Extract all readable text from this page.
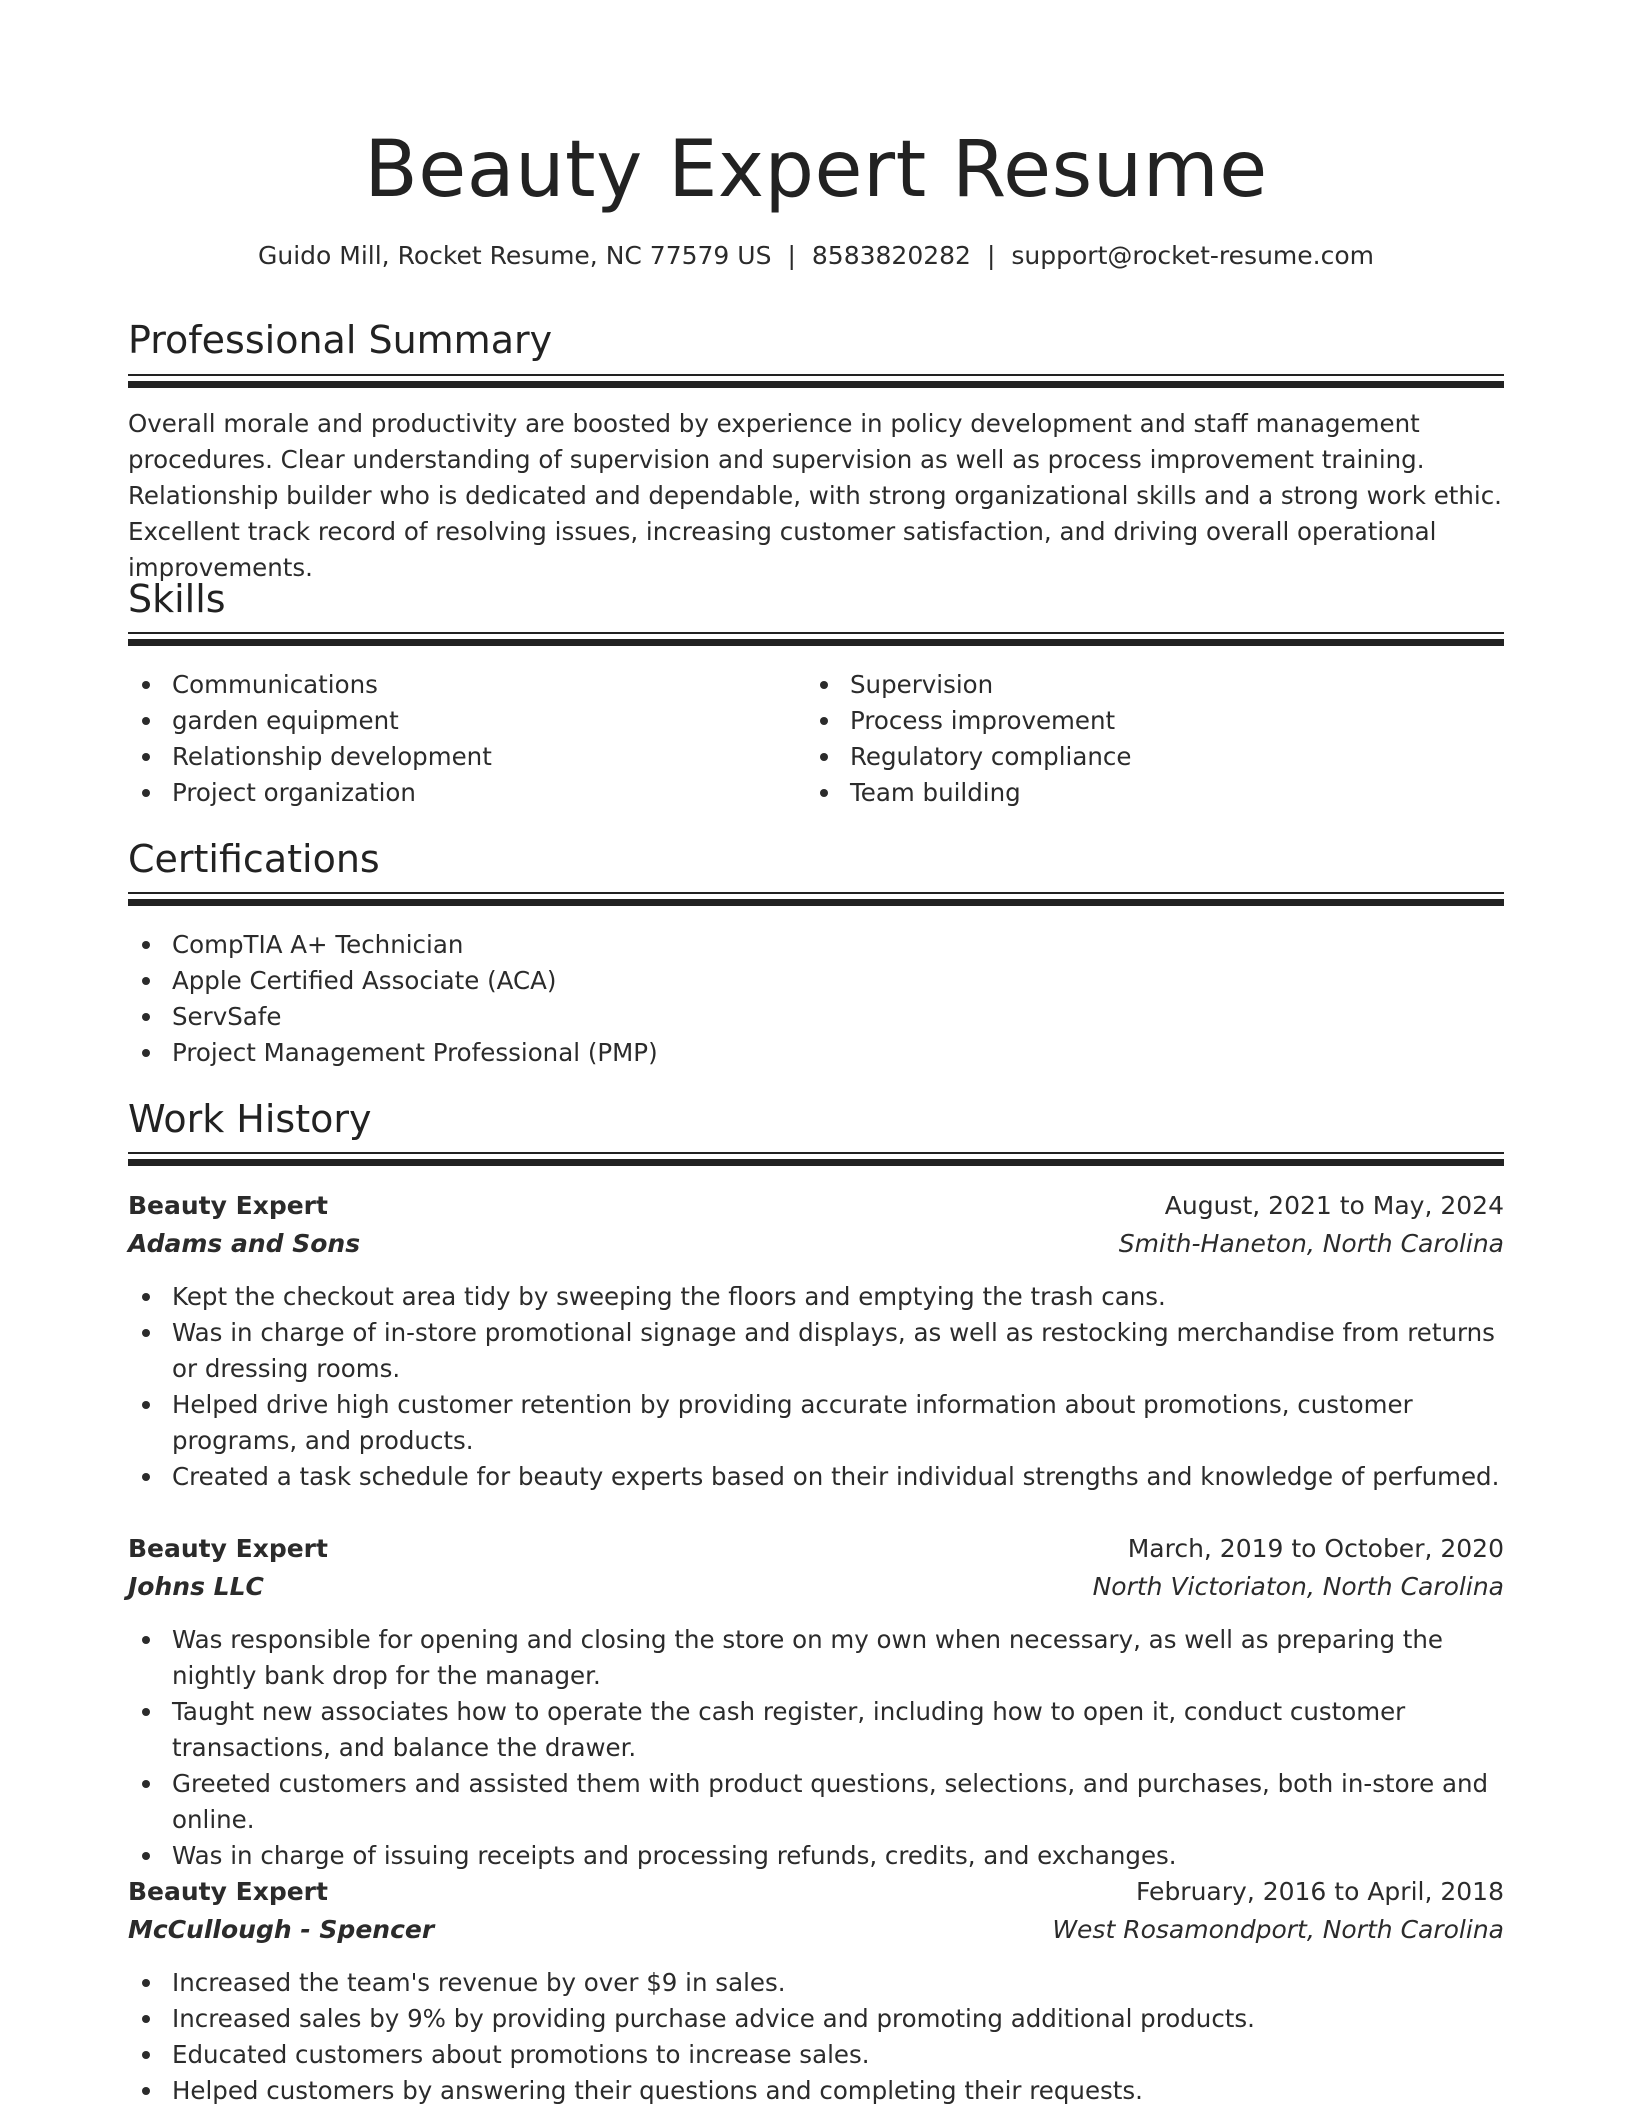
Beauty Expert Resume
Guido Mill, Rocket Resume, NC 77579 US | 8583820282 | support@rocket-resume.com
Professional Summary

Overall morale and productivity are boosted by experience in policy development and staff management procedures. Clear understanding of supervision and supervision as well as process improvement training. Relationship builder who is dedicated and dependable, with strong organizational skills and a strong work ethic. Excellent track record of resolving issues, increasing customer satisfaction, and driving overall operational improvements.

Skills
Communications
garden equipment
Relationship development
Project organization
Supervision
Process improvement
Regulatory compliance
Team building
Certifications
CompTIA A+ Technician
Apple Certified Associate (ACA)
ServSafe
Project Management Professional (PMP)
Work History
Beauty Expert	August, 2021 to May, 2024
Adams and Sons	Smith-Haneton, North Carolina
Kept the checkout area tidy by sweeping the floors and emptying the trash cans.
Was in charge of in-store promotional signage and displays, as well as restocking merchandise from returns or dressing rooms.
Helped drive high customer retention by providing accurate information about promotions, customer programs, and products.
Created a task schedule for beauty experts based on their individual strengths and knowledge of perfumed.
Beauty Expert	March, 2019 to October, 2020
Johns LLC	North Victoriaton, North Carolina
Was responsible for opening and closing the store on my own when necessary, as well as preparing the nightly bank drop for the manager.
Taught new associates how to operate the cash register, including how to open it, conduct customer transactions, and balance the drawer.
Greeted customers and assisted them with product questions, selections, and purchases, both in-store and online.
Was in charge of issuing receipts and processing refunds, credits, and exchanges.
Beauty Expert	February, 2016 to April, 2018
McCullough - Spencer	West Rosamondport, North Carolina
Increased the team's revenue by over $9 in sales.
Increased sales by 9% by providing purchase advice and promoting additional products.
Educated customers about promotions to increase sales.
Helped customers by answering their questions and completing their requests.
